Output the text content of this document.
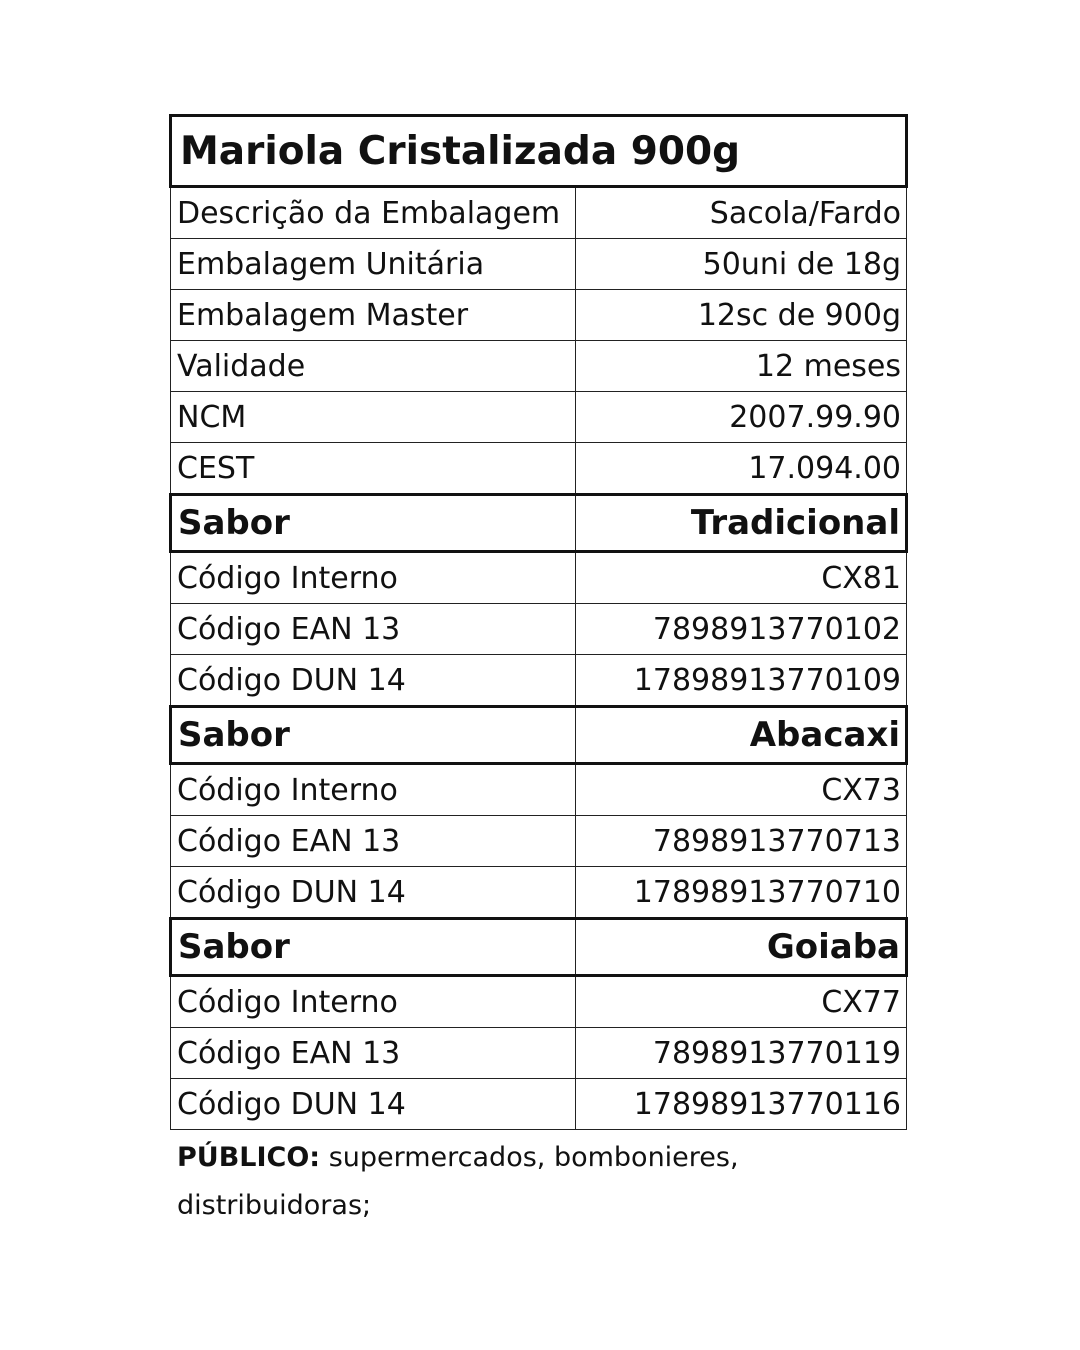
Mariola Cristalizada 900g	
Descrição da Embalagem	Sacola/Fardo
Embalagem Unitária	50uni de 18g
Embalagem Master	12sc de 900g
Validade	12 meses
NCM	2007.99.90
CEST	17.094.00
Sabor	Tradicional
Código Interno	CX81
Código EAN 13	7898913770102
Código DUN 14	17898913770109
Sabor	Abacaxi
Código Interno	CX73
Código EAN 13	7898913770713
Código DUN 14	17898913770710
Sabor	Goiaba
Código Interno	CX77
Código EAN 13	7898913770119
Código DUN 14	17898913770116
PÚBLICO: supermercados, bombonieres, distribuidoras;
